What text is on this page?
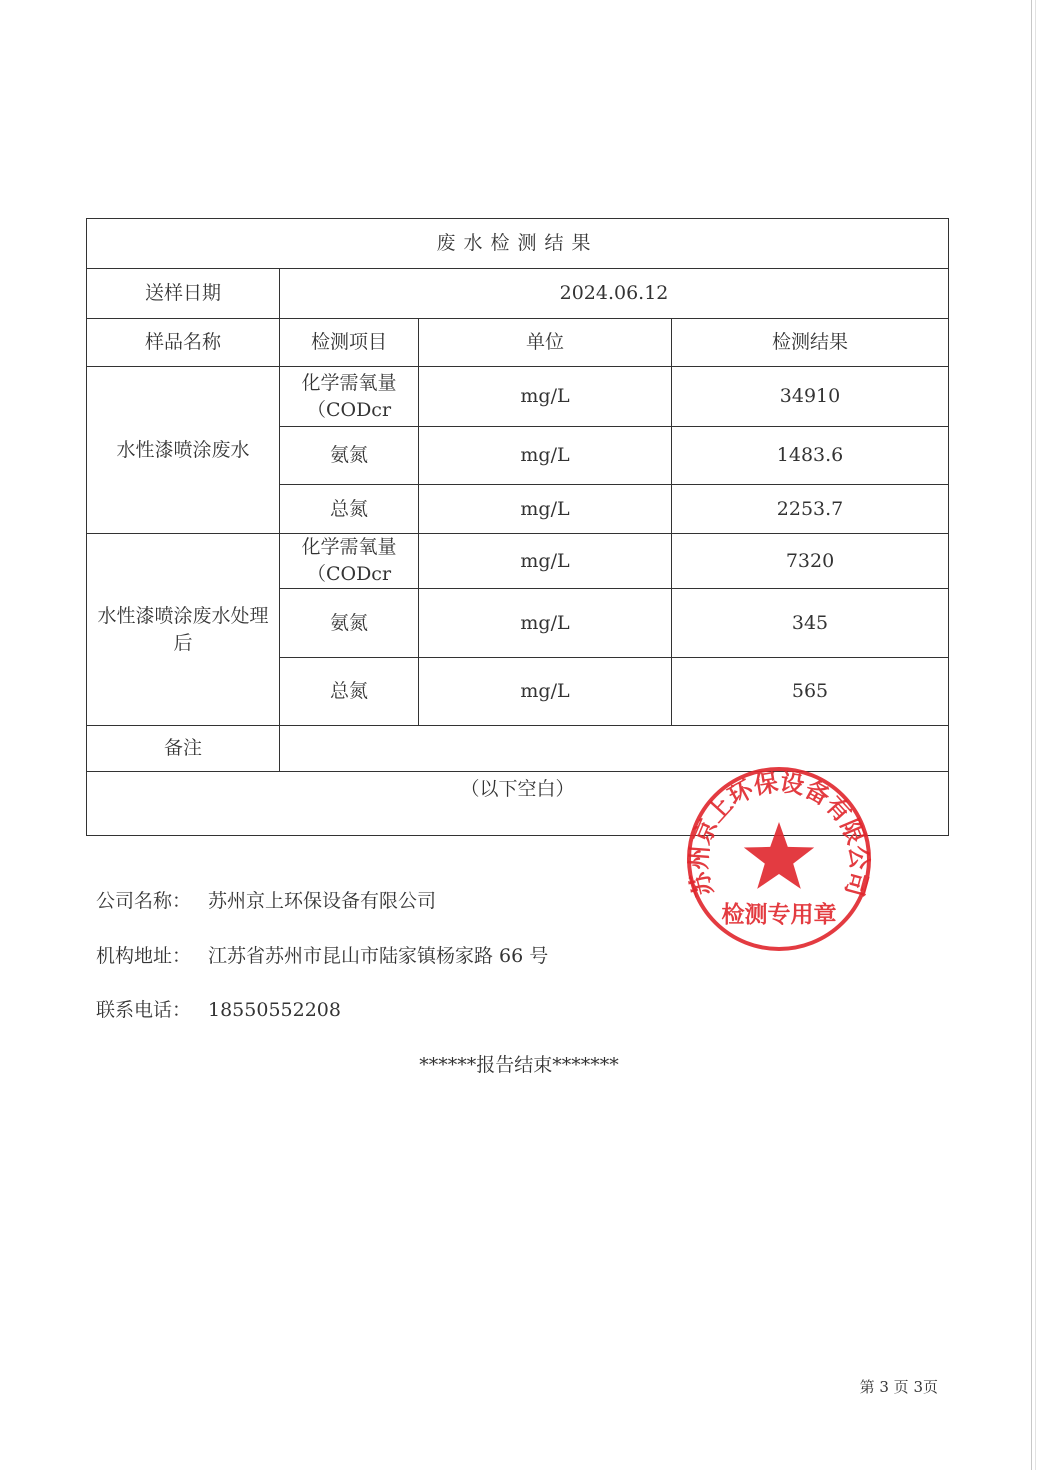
废水检测结果			
送样日期	2024.06.12		
样品名称	检测项目	单位	检测结果
水性漆喷涂废水	化学需氧量（CODcr	mg/L	34910
	氨氮	mg/L	1483.6
	总氮	mg/L	2253.7
水性漆喷涂废水处理后	化学需氧量（CODcr	mg/L	7320
	氨氮	mg/L	345
	总氮	mg/L	565
备注			
（以下空白）			
公司名称： 苏州京上环保设备有限公司
机构地址： 江苏省苏州市昆山市陆家镇杨家路 66 号
联系电话： 18550552208
******报告结束*******
第 3 页 3页
苏州京上环保设备有限公司
检测专用章
